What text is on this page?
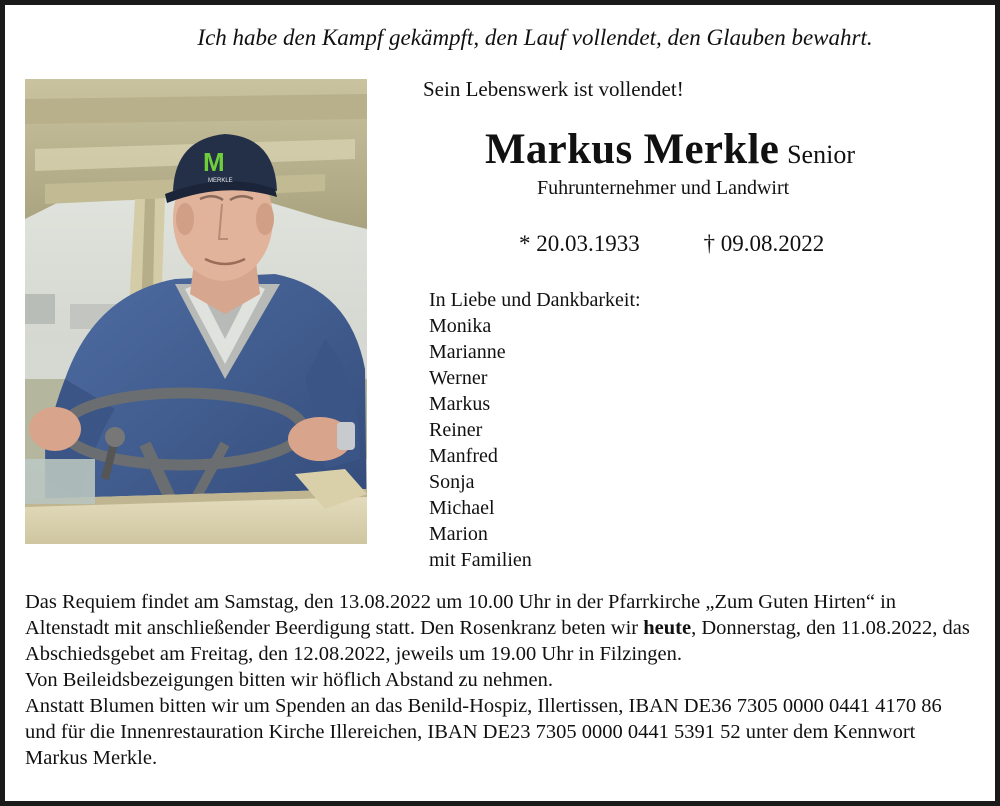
Ich habe den Kampf gekämpft, den Lauf vollendet, den Glauben bewahrt.
M
MERKLE
Sein Lebenswerk ist vollendet!
Markus Merkle Senior
Fuhrunternehmer und Landwirt
* 20.03.1933	† 09.08.2022
In Liebe und Dankbarkeit:
Monika
Marianne
Werner
Markus
Reiner
Manfred
Sonja
Michael
Marion
mit Familien

Das Requiem findet am Samstag, den 13.08.2022 um 10.00 Uhr in der Pfarrkirche „Zum Guten Hirten“ in Altenstadt mit anschließender Beerdigung statt. Den Rosenkranz beten wir heute, Donnerstag, den 11.08.2022, das Abschiedsgebet am Freitag, den 12.08.2022, jeweils um 19.00 Uhr in Filzingen.

Von Beileidsbezeigungen bitten wir höflich Abstand zu nehmen.

Anstatt Blumen bitten wir um Spenden an das Benild-Hospiz, Illertissen, IBAN DE36 7305 0000 0441 4170 86 und für die Innenrestauration Kirche Illereichen, IBAN DE23 7305 0000 0441 5391 52 unter dem Kennwort Markus Merkle.
